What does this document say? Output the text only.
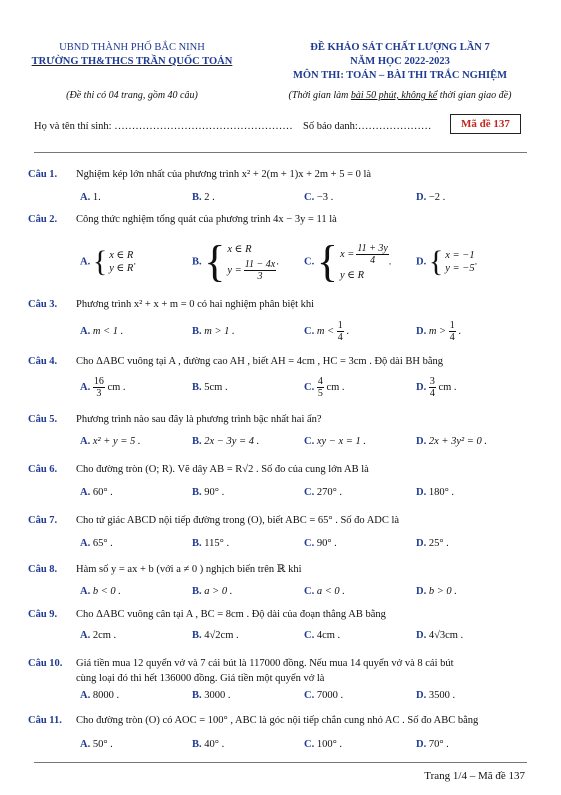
UBND THÀNH PHỐ BẮC NINH
TRƯỜNG TH&THCS TRẦN QUỐC TOẢN
(Đề thi có 04 trang, gồm 40 câu)
ĐỀ KHẢO SÁT CHẤT LƯỢNG LẦN 7
NĂM HỌC 2022-2023
MÔN THI: TOÁN – BÀI THI TRẮC NGHIỆM
(Thời gian làm bài 50 phút, không kể thời gian giao đề)
Họ và tên thí sinh: …………………………………………… Số báo danh:…………………	Mã đề 137
Câu 1. Nghiệm kép lớn nhất của phương trình x² + 2(m + 1)x + 2m + 5 = 0 là
A. 1.	B. 2 .	C. −3 .	D. −2 .
Câu 2. Công thức nghiệm tổng quát của phương trình 4x − 3y = 11 là
A. { x ∈ R
y ∈ R
.	B. { x ∈ R
$y = \frac{11 - 4x}{3}$ .	C. { $x = \frac{11 + 3y}{4}$
y ∈ R
.	D. { x = −1
y = −5
.
Câu 3. Phương trình x² + x + m = 0 có hai nghiệm phân biệt khi
A. m < 1 .	B. m > 1 .	C. $m < \frac{1}{4}$ .	D. $m > \frac{1}{4}$ .
Câu 4. Cho ΔABC vuông tại A , đường cao AH , biết AH = 4cm , HC = 3cm . Độ dài BH bằng
A. $\frac{16}{3}$ cm .	B. 5cm .	C. $\frac{4}{5}$ cm .	D. $\frac{3}{4}$ cm .
Câu 5. Phương trình nào sau đây là phương trình bậc nhất hai ẩn?
A. x² + y = 5 .	B. 2x − 3y = 4 .	C. xy − x = 1 .	D. 2x + 3y² = 0 .
Câu 6. Cho đường tròn (O; R). Vẽ dây AB = R√2 . Số đo của cung lớn AB là
A. 60° .	B. 90° .	C. 270° .	D. 180° .
Câu 7. Cho tứ giác ABCD nội tiếp đường trong (O), biết ABC = 65° . Số đo ADC là
A. 65° .	B. 115° .	C. 90° .	D. 25° .
Câu 8. Hàm số y = ax + b (với a ≠ 0 ) nghịch biến trên ℝ khi
A. b < 0 .	B. a > 0 .	C. a < 0 .	D. b > 0 .
Câu 9. Cho ΔABC vuông cân tại A , BC = 8cm . Độ dài của đoạn thẳng AB bằng
A. 2cm .	B. 4√2cm .	C. 4cm .	D. 4√3cm .
Câu 10. Giá tiền mua 12 quyển vở và 7 cái bút là 117000 đồng. Nếu mua 14 quyển vở và 8 cái bút
cùng loại đó thì hết 136000 đồng. Giá tiền một quyển vở là
A. 8000 .	B. 3000 .	C. 7000 .	D. 3500 .
Câu 11. Cho đường tròn (O) có AOC = 100° , ABC là góc nội tiếp chắn cung nhỏ AC . Số đo ABC bằng
A. 50° .	B. 40° .	C. 100° .	D. 70° .
Trang 1/4 – Mã đề 137
